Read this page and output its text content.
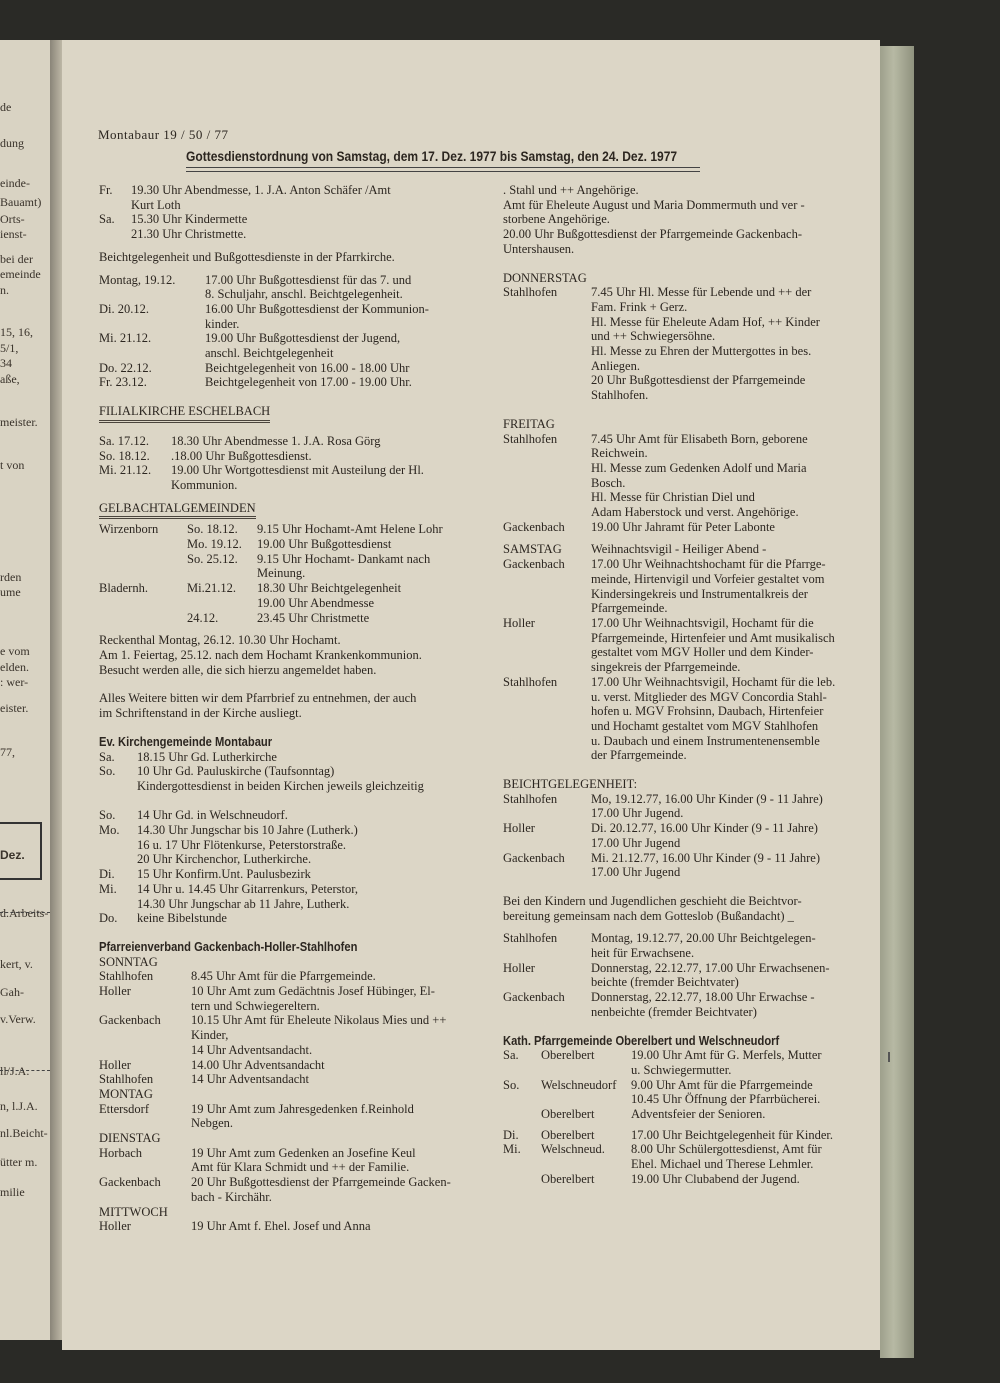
de
dung
einde-
Bauamt)
Orts-
ienst-
bei der
emeinde
n.
15, 16,
5/1,
34
aße,
meister.
t von
rden
ume
e vom
elden.
: wer-
eister.
77,
Dez.
d.Arbeits-
kert, v.
Gah-
v.Verw.
ll/J.A.
n, l.J.A.
nl.Beicht-
ütter m.
milie
Montabaur 19 / 50 / 77
Gottesdienstordnung von Samstag, dem 17. Dez. 1977 bis Samstag, den 24. Dez. 1977
Fr.	19.30 Uhr Abendmesse, 1. J.A. Anton Schäfer /Amt
Kurt Loth
Sa.	15.30 Uhr Kindermette
21.30 Uhr Christmette.
Beichtgelegenheit und Bußgottesdienste in der Pfarrkirche.
Montag, 19.12.	17.00 Uhr Bußgottesdienst für das 7. und
8. Schuljahr, anschl. Beichtgelegenheit.
Di. 20.12.	16.00 Uhr Bußgottesdienst der Kommunion-
kinder.
Mi. 21.12.	19.00 Uhr Bußgottesdienst der Jugend,
anschl. Beichtgelegenheit
Do. 22.12.	Beichtgelegenheit von 16.00 - 18.00 Uhr
Fr. 23.12.	Beichtgelegenheit von 17.00 - 19.00 Uhr.
FILIALKIRCHE ESCHELBACH
Sa. 17.12.	18.30 Uhr Abendmesse 1. J.A. Rosa Görg
So. 18.12.	.18.00 Uhr Bußgottesdienst.
Mi. 21.12.	19.00 Uhr Wortgottesdienst mit Austeilung der Hl.
Kommunion.
GELBACHTALGEMEINDEN
Wirzenborn	So. 18.12.	9.15 Uhr Hochamt-Amt Helene Lohr
Mo. 19.12.	19.00 Uhr Bußgottesdienst
So. 25.12.	9.15 Uhr Hochamt- Dankamt nach
Meinung.
Bladernh.	Mi.21.12.	18.30 Uhr Beichtgelegenheit
19.00 Uhr Abendmesse
24.12.	23.45 Uhr Christmette
Reckenthal Montag, 26.12. 10.30 Uhr Hochamt.
Am 1. Feiertag, 25.12. nach dem Hochamt Krankenkommunion.
Besucht werden alle, die sich hierzu angemeldet haben.
Alles Weitere bitten wir dem Pfarrbrief zu entnehmen, der auch
im Schriftenstand in der Kirche ausliegt.
Ev. Kirchengemeinde Montabaur
Sa.	18.15 Uhr Gd. Lutherkirche
So.	10 Uhr Gd. Pauluskirche (Taufsonntag)
Kindergottesdienst in beiden Kirchen jeweils gleichzeitig
So.	14 Uhr Gd. in Welschneudorf.
Mo.	14.30 Uhr Jungschar bis 10 Jahre (Lutherk.)
16 u. 17 Uhr Flötenkurse, Peterstorstraße.
20 Uhr Kirchenchor, Lutherkirche.
Di.	15 Uhr Konfirm.Unt. Paulusbezirk
Mi.	14 Uhr u. 14.45 Uhr Gitarrenkurs, Peterstor,
14.30 Uhr Jungschar ab 11 Jahre, Lutherk.
Do.	keine Bibelstunde
Pfarreienverband Gackenbach-Holler-Stahlhofen
SONNTAG
Stahlhofen	8.45 Uhr Amt für die Pfarrgemeinde.
Holler	10 Uhr Amt zum Gedächtnis Josef Hübinger, El-
tern und Schwiegereltern.
Gackenbach	10.15 Uhr Amt für Eheleute Nikolaus Mies und ++
Kinder,
14 Uhr Adventsandacht.
Holler	14.00 Uhr Adventsandacht
Stahlhofen	14 Uhr Adventsandacht
MONTAG
Ettersdorf	19 Uhr Amt zum Jahresgedenken f.Reinhold
Nebgen.
DIENSTAG
Horbach	19 Uhr Amt zum Gedenken an Josefine Keul
Amt für Klara Schmidt und ++ der Familie.
Gackenbach	20 Uhr Bußgottesdienst der Pfarrgemeinde Gacken-
bach - Kirchähr.
MITTWOCH
Holler	19 Uhr Amt f. Ehel. Josef und Anna
. Stahl und ++ Angehörige.
Amt für Eheleute August und Maria Dommermuth und ver -
storbene Angehörige.
20.00 Uhr Bußgottesdienst der Pfarrgemeinde Gackenbach-
Untershausen.
DONNERSTAG
Stahlhofen	7.45 Uhr Hl. Messe für Lebende und ++ der
Fam. Frink + Gerz.
Hl. Messe für Eheleute Adam Hof, ++ Kinder
und ++ Schwiegersöhne.
Hl. Messe zu Ehren der Muttergottes in bes.
Anliegen.
20 Uhr Bußgottesdienst der Pfarrgemeinde
Stahlhofen.
FREITAG
Stahlhofen	7.45 Uhr Amt für Elisabeth Born, geborene
Reichwein.
Hl. Messe zum Gedenken Adolf und Maria
Bosch.
Hl. Messe für Christian Diel und
Adam Haberstock und verst. Angehörige.
Gackenbach	19.00 Uhr Jahramt für Peter Labonte
SAMSTAG	Weihnachtsvigil - Heiliger Abend -
Gackenbach	17.00 Uhr Weihnachtshochamt für die Pfarrge-
meinde, Hirtenvigil und Vorfeier gestaltet vom
Kindersingekreis und Instrumentalkreis der
Pfarrgemeinde.
Holler	17.00 Uhr Weihnachtsvigil, Hochamt für die
Pfarrgemeinde, Hirtenfeier und Amt musikalisch
gestaltet vom MGV Holler und dem Kinder-
singekreis der Pfarrgemeinde.
Stahlhofen	17.00 Uhr Weihnachtsvigil, Hochamt für die leb.
u. verst. Mitglieder des MGV Concordia Stahl-
hofen u. MGV Frohsinn, Daubach, Hirtenfeier
und Hochamt gestaltet vom MGV Stahlhofen
u. Daubach und einem Instrumentenensemble
der Pfarrgemeinde.
BEICHTGELEGENHEIT:
Stahlhofen	Mo, 19.12.77, 16.00 Uhr Kinder (9 - 11 Jahre)
17.00 Uhr Jugend.
Holler	Di. 20.12.77, 16.00 Uhr Kinder (9 - 11 Jahre)
17.00 Uhr Jugend
Gackenbach	Mi. 21.12.77, 16.00 Uhr Kinder (9 - 11 Jahre)
17.00 Uhr Jugend
Bei den Kindern und Jugendlichen geschieht die Beichtvor-
bereitung gemeinsam nach dem Gotteslob (Bußandacht) _
Stahlhofen	Montag, 19.12.77, 20.00 Uhr Beichtgelegen-
heit für Erwachsene.
Holler	Donnerstag, 22.12.77, 17.00 Uhr Erwachsenen-
beichte (fremder Beichtvater)
Gackenbach	Donnerstag, 22.12.77, 18.00 Uhr Erwachse -
nenbeichte (fremder Beichtvater)
Kath. Pfarrgemeinde Oberelbert und Welschneudorf
Sa.	Oberelbert	19.00 Uhr Amt für G. Merfels, Mutter
u. Schwiegermutter.
So.	Welschneudorf	9.00 Uhr Amt für die Pfarrgemeinde
10.45 Uhr Öffnung der Pfarrbücherei.
Oberelbert	Adventsfeier der Senioren.
Di.	Oberelbert	17.00 Uhr Beichtgelegenheit für Kinder.
Mi.	Welschneud.	8.00 Uhr Schülergottesdienst, Amt für
Ehel. Michael und Therese Lehmler.
Oberelbert	19.00 Uhr Clubabend der Jugend.
